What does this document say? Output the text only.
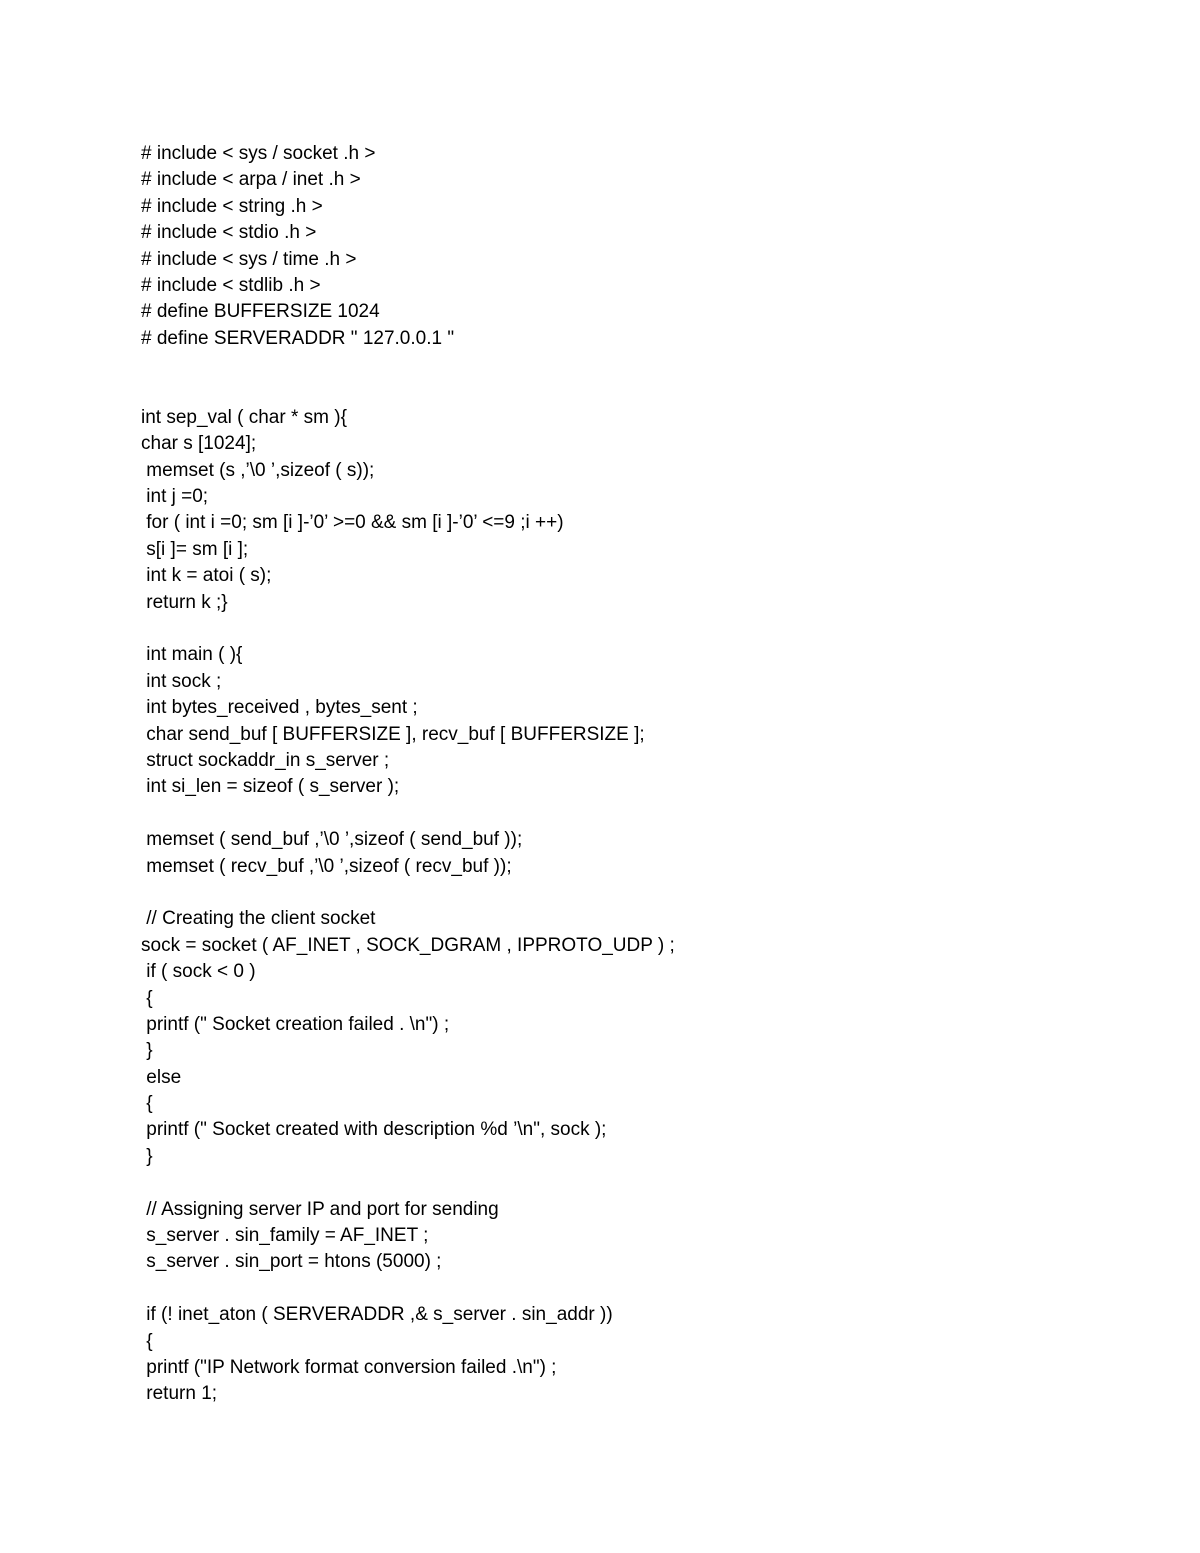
# include < sys / socket .h >
# include < arpa / inet .h >
# include < string .h >
# include < stdio .h >
# include < sys / time .h >
# include < stdlib .h >
# define BUFFERSIZE 1024
# define SERVERADDR " 127.0.0.1 "
int sep_val ( char * sm ){
char s [1024];
memset (s ,’\0 ’,sizeof ( s));
int j =0;
for ( int i =0; sm [i ]-’0’ >=0 && sm [i ]-’0’ <=9 ;i ++)
s[i ]= sm [i ];
int k = atoi ( s);
return k ;}
int main ( ){
int sock ;
int bytes_received , bytes_sent ;
char send_buf [ BUFFERSIZE ], recv_buf [ BUFFERSIZE ];
struct sockaddr_in s_server ;
int si_len = sizeof ( s_server );
memset ( send_buf ,’\0 ’,sizeof ( send_buf ));
memset ( recv_buf ,’\0 ’,sizeof ( recv_buf ));
// Creating the client socket
sock = socket ( AF_INET , SOCK_DGRAM , IPPROTO_UDP ) ;
if ( sock < 0 )
{
printf (" Socket creation failed . \n") ;
}
else
{
printf (" Socket created with description %d ’\n", sock );
}
// Assigning server IP and port for sending
s_server . sin_family = AF_INET ;
s_server . sin_port = htons (5000) ;
if (! inet_aton ( SERVERADDR ,& s_server . sin_addr ))
{
printf ("IP Network format conversion failed .\n") ;
return 1;
